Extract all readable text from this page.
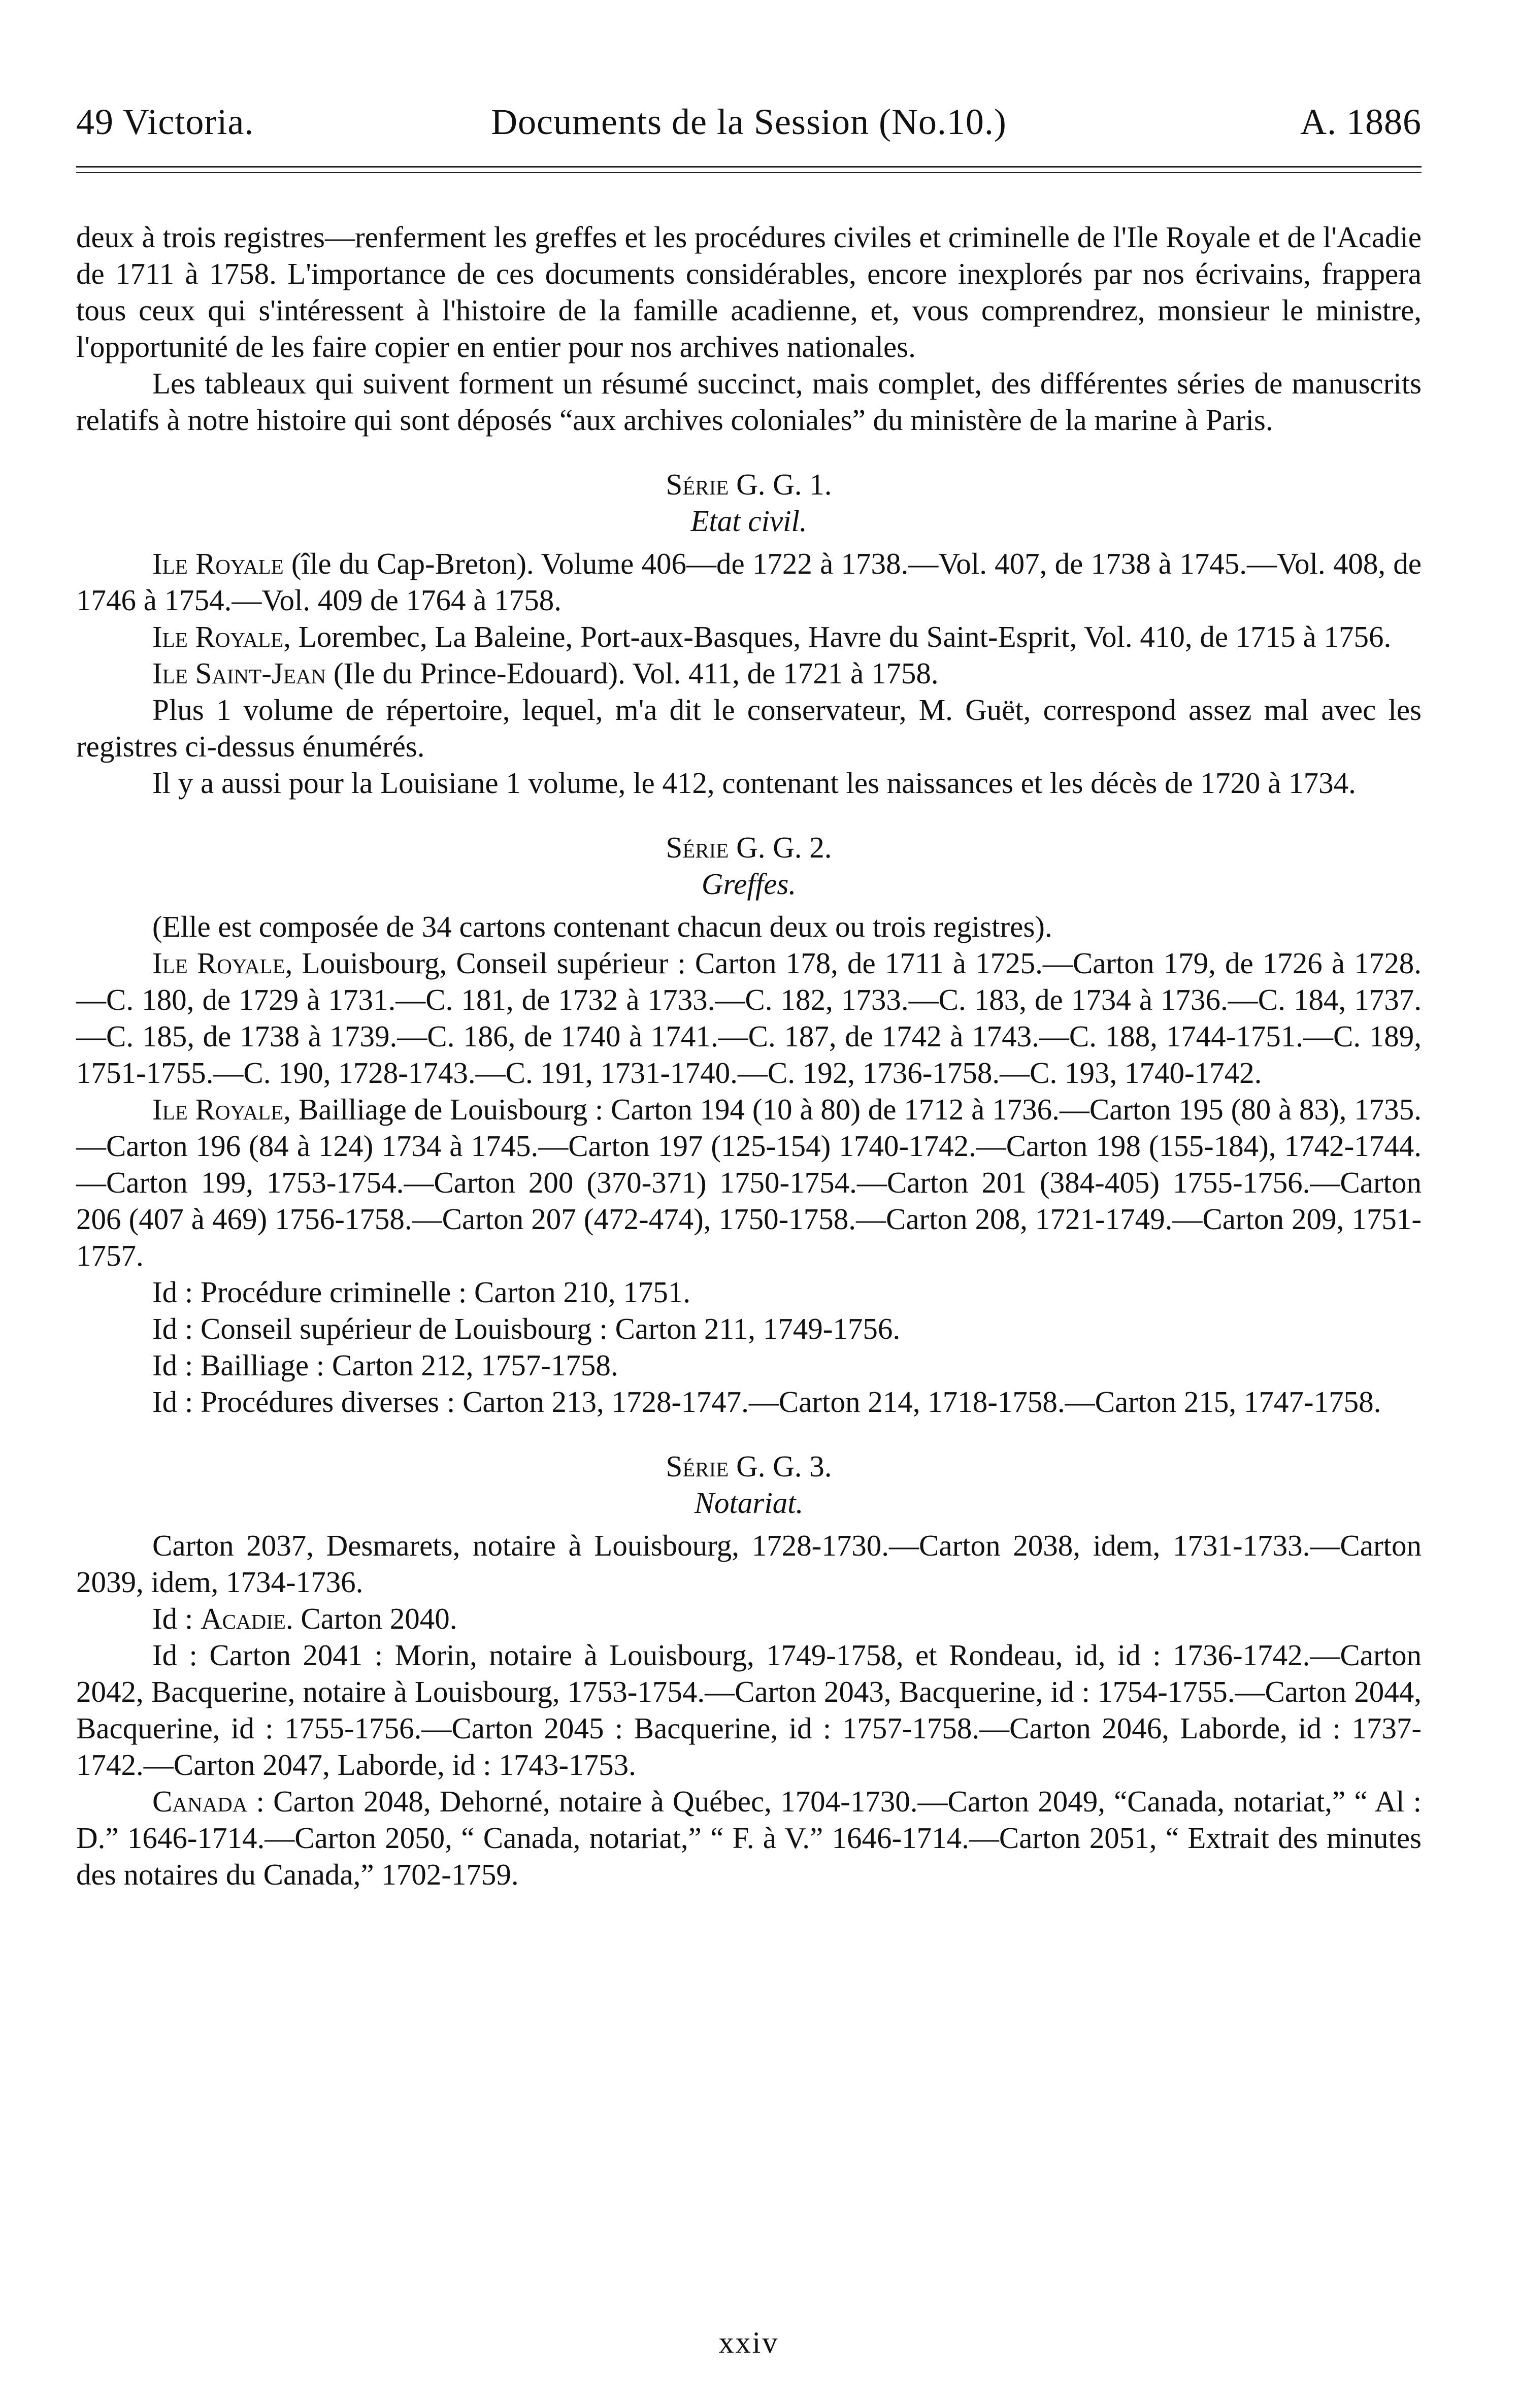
49 Victoria.	Documents de la Session (No.10.)	A. 1886

deux à trois registres—renferment les greffes et les procédures civiles et criminelle de l'Ile Royale et de l'Acadie de 1711 à 1758. L'importance de ces documents considérables, encore inexplorés par nos écrivains, frappera tous ceux qui s'intéressent à l'histoire de la famille acadienne, et, vous comprendrez, monsieur le ministre, l'opportunité de les faire copier en entier pour nos archives nationales.

Les tableaux qui suivent forment un résumé succinct, mais complet, des différentes séries de manuscrits relatifs à notre histoire qui sont déposés “aux archives coloniales” du ministère de la marine à Paris.

Série G. G. 1.
Etat civil.

Ile Royale (île du Cap-Breton). Volume 406—de 1722 à 1738.—Vol. 407, de 1738 à 1745.—Vol. 408, de 1746 à 1754.—Vol. 409 de 1764 à 1758.

Ile Royale, Lorembec, La Baleine, Port-aux-Basques, Havre du Saint-Esprit, Vol. 410, de 1715 à 1756.

Ile Saint-Jean (Ile du Prince-Edouard). Vol. 411, de 1721 à 1758.

Plus 1 volume de répertoire, lequel, m'a dit le conservateur, M. Guët, correspond assez mal avec les registres ci-dessus énumérés.

Il y a aussi pour la Louisiane 1 volume, le 412, contenant les naissances et les décès de 1720 à 1734.

Série G. G. 2.
Greffes.

(Elle est composée de 34 cartons contenant chacun deux ou trois registres).

Ile Royale, Louisbourg, Conseil supérieur : Carton 178, de 1711 à 1725.—Carton 179, de 1726 à 1728.—C. 180, de 1729 à 1731.—C. 181, de 1732 à 1733.—C. 182, 1733.—C. 183, de 1734 à 1736.—C. 184, 1737.—C. 185, de 1738 à 1739.—C. 186, de 1740 à 1741.—C. 187, de 1742 à 1743.—C. 188, 1744-1751.—C. 189, 1751-1755.—C. 190, 1728-1743.—C. 191, 1731-1740.—C. 192, 1736-1758.—C. 193, 1740-1742.

Ile Royale, Bailliage de Louisbourg : Carton 194 (10 à 80) de 1712 à 1736.—Carton 195 (80 à 83), 1735.—Carton 196 (84 à 124) 1734 à 1745.—Carton 197 (125-154) 1740-1742.—Carton 198 (155-184), 1742-1744.—Carton 199, 1753-1754.—Carton 200 (370-371) 1750-1754.—Carton 201 (384-405) 1755-1756.—Carton 206 (407 à 469) 1756-1758.—Carton 207 (472-474), 1750-1758.—Carton 208, 1721-1749.—Carton 209, 1751-1757.

Id : Procédure criminelle : Carton 210, 1751.

Id : Conseil supérieur de Louisbourg : Carton 211, 1749-1756.

Id : Bailliage : Carton 212, 1757-1758.

Id : Procédures diverses : Carton 213, 1728-1747.—Carton 214, 1718-1758.—Carton 215, 1747-1758.

Série G. G. 3.
Notariat.

Carton 2037, Desmarets, notaire à Louisbourg, 1728-1730.—Carton 2038, idem, 1731-1733.—Carton 2039, idem, 1734-1736.

Id : Acadie. Carton 2040.

Id : Carton 2041 : Morin, notaire à Louisbourg, 1749-1758, et Rondeau, id, id : 1736-1742.—Carton 2042, Bacquerine, notaire à Louisbourg, 1753-1754.—Carton 2043, Bacquerine, id : 1754-1755.—Carton 2044, Bacquerine, id : 1755-1756.—Carton 2045 : Bacquerine, id : 1757-1758.—Carton 2046, Laborde, id : 1737-1742.—Carton 2047, Laborde, id : 1743-1753.

Canada : Carton 2048, Dehorné, notaire à Québec, 1704-1730.—Carton 2049, “Canada, notariat,” “ Al : D.” 1646-1714.—Carton 2050, “ Canada, notariat,” “ F. à V.” 1646-1714.—Carton 2051, “ Extrait des minutes des notaires du Canada,” 1702-1759.

xxiv
